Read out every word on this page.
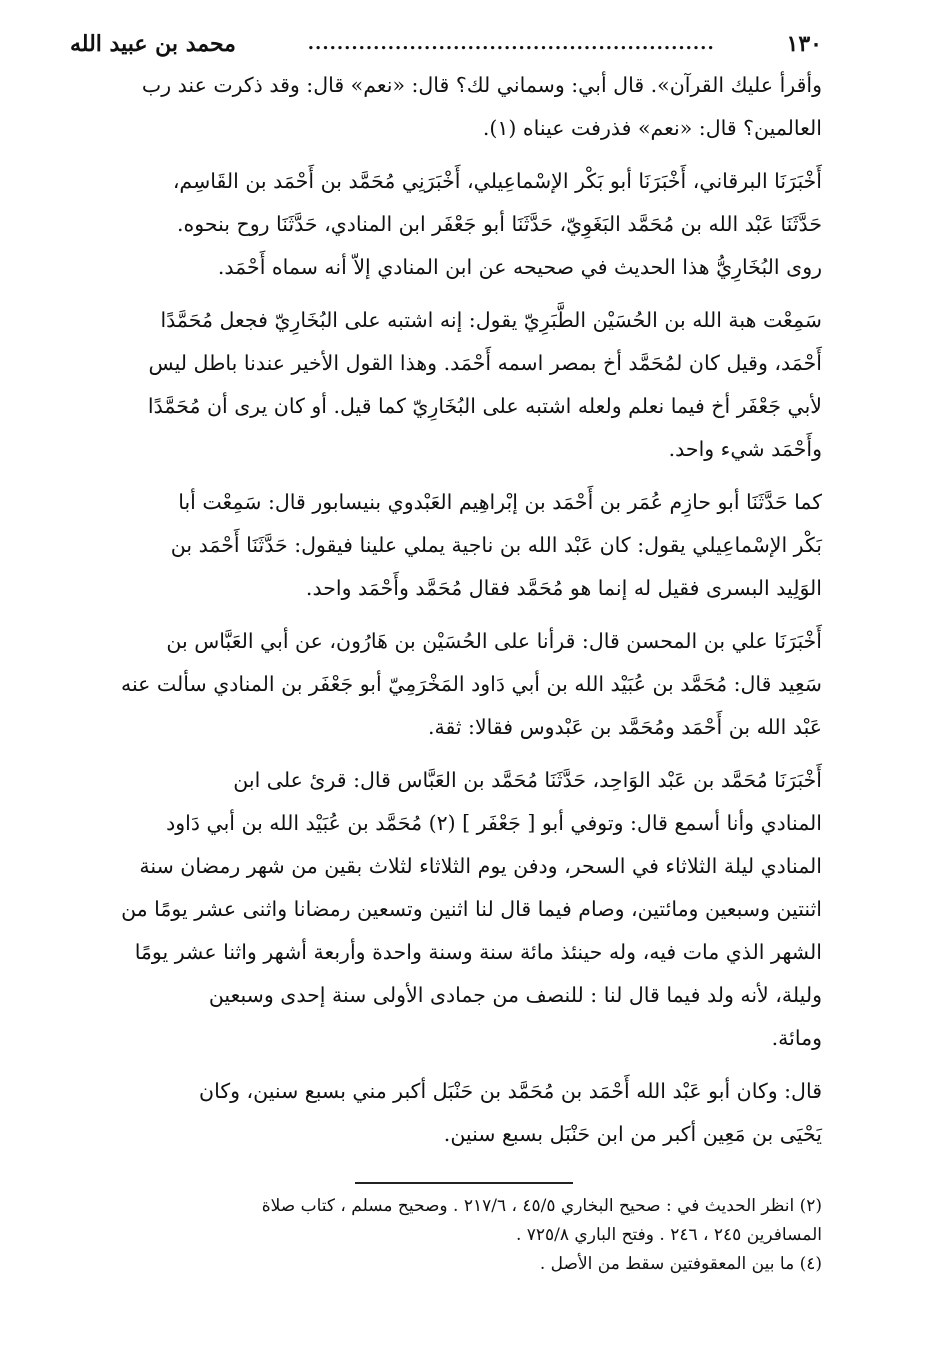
١٣٠
........................................................
محمد بن عبيد الله
وأقرأ عليك القرآن». قال أبي: وسماني لك؟ قال: «نعم» قال: وقد ذكرت عند رب
العالمين؟ قال: «نعم» فذرفت عيناه (١).
أَخْبَرَنَا البرقاني، أَخْبَرَنَا أبو بَكْر الإسْماعِيلي، أَخْبَرَنِي مُحَمَّد بن أَحْمَد بن القَاسِم،
حَدَّثَنَا عَبْد الله بن مُحَمَّد البَغَوِيّ، حَدَّثَنَا أبو جَعْفَر ابن المنادي، حَدَّثَنَا روح بنحوه.
روى البُخَارِيُّ هذا الحديث في صحيحه عن ابن المنادي إلاّ أنه سماه أَحْمَد.
سَمِعْت هبة الله بن الحُسَيْن الطَّبَرِيّ يقول: إنه اشتبه على البُخَارِيّ فجعل مُحَمَّدًا
أَحْمَد، وقيل كان لمُحَمَّد أخ بمصر اسمه أَحْمَد. وهذا القول الأخير عندنا باطل ليس
لأبي جَعْفَر أخ فيما نعلم ولعله اشتبه على البُخَارِيّ كما قيل. أو كان يرى أن مُحَمَّدًا
وأَحْمَد شيء واحد.
كما حَدَّثَنَا أبو حازِم عُمَر بن أَحْمَد بن إبْراهِيم العَبْدوي بنيسابور قال: سَمِعْت أبا
بَكْر الإسْماعِيلي يقول: كان عَبْد الله بن ناجية يملي علينا فيقول: حَدَّثَنَا أَحْمَد بن
الوَلِيد البسرى فقيل له إنما هو مُحَمَّد فقال مُحَمَّد وأَحْمَد واحد.
أَخْبَرَنَا علي بن المحسن قال: قرأنا على الحُسَيْن بن هَارُون، عن أبي العَبَّاس بن
سَعِيد قال: مُحَمَّد بن عُبَيْد الله بن أبي دَاود المَخْرَمِيّ أبو جَعْفَر بن المنادي سألت عنه
عَبْد الله بن أَحْمَد ومُحَمَّد بن عَبْدوس فقالا: ثقة.
أَخْبَرَنَا مُحَمَّد بن عَبْد الوَاحِد، حَدَّثَنَا مُحَمَّد بن العَبَّاس قال: قرئ على ابن
المنادي وأنا أسمع قال: وتوفي أبو [ جَعْفَر ] (٢) مُحَمَّد بن عُبَيْد الله بن أبي دَاود
المنادي ليلة الثلاثاء في السحر، ودفن يوم الثلاثاء لثلاث بقين من شهر رمضان سنة
اثنتين وسبعين ومائتين، وصام فيما قال لنا اثنين وتسعين رمضانا واثنى عشر يومًا من
الشهر الذي مات فيه، وله حينئذ مائة سنة وسنة واحدة وأربعة أشهر واثنا عشر يومًا
وليلة، لأنه ولد فيما قال لنا : للنصف من جمادى الأولى سنة إحدى وسبعين
ومائة.
قال: وكان أبو عَبْد الله أَحْمَد بن مُحَمَّد بن حَنْبَل أكبر مني بسبع سنين، وكان
يَحْيَى بن مَعِين أكبر من ابن حَنْبَل بسبع سنين.
(٢) انظر الحديث في : صحيح البخاري ٤٥/٥ ، ٢١٧/٦ . وصحيح مسلم ، كتاب صلاة
المسافرين ٢٤٥ ، ٢٤٦ . وفتح الباري ٧٢٥/٨ .
(٤) ما بين المعقوفتين سقط من الأصل .
